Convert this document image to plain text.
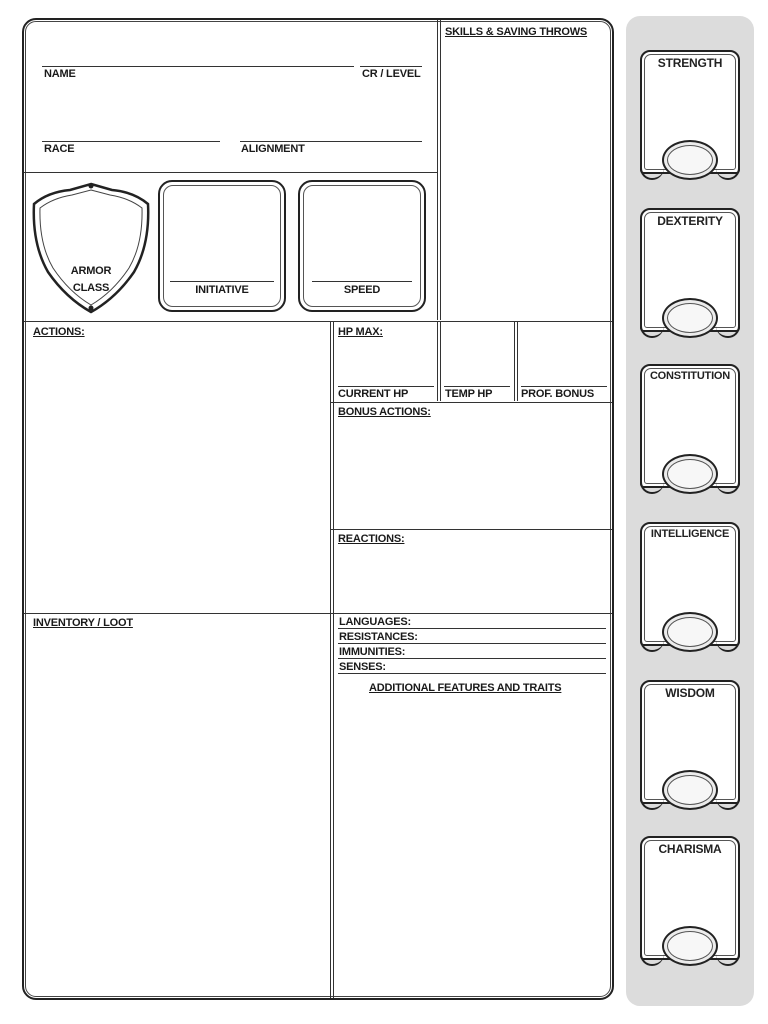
NAME	CR / LEVEL
RACE	ALIGNMENT
SKILLS & SAVING THROWS
ARMOR
CLASS	INITIATIVE	SPEED
ACTIONS:	HP MAX:
CURRENT HP	TEMP HP	PROF. BONUS
BONUS ACTIONS:
REACTIONS:
INVENTORY / LOOT	LANGUAGES:
RESISTANCES:
IMMUNITIES:
SENSES:
ADDITIONAL FEATURES AND TRAITS
STRENGTH
DEXTERITY
CONSTITUTION
INTELLIGENCE
WISDOM
CHARISMA
